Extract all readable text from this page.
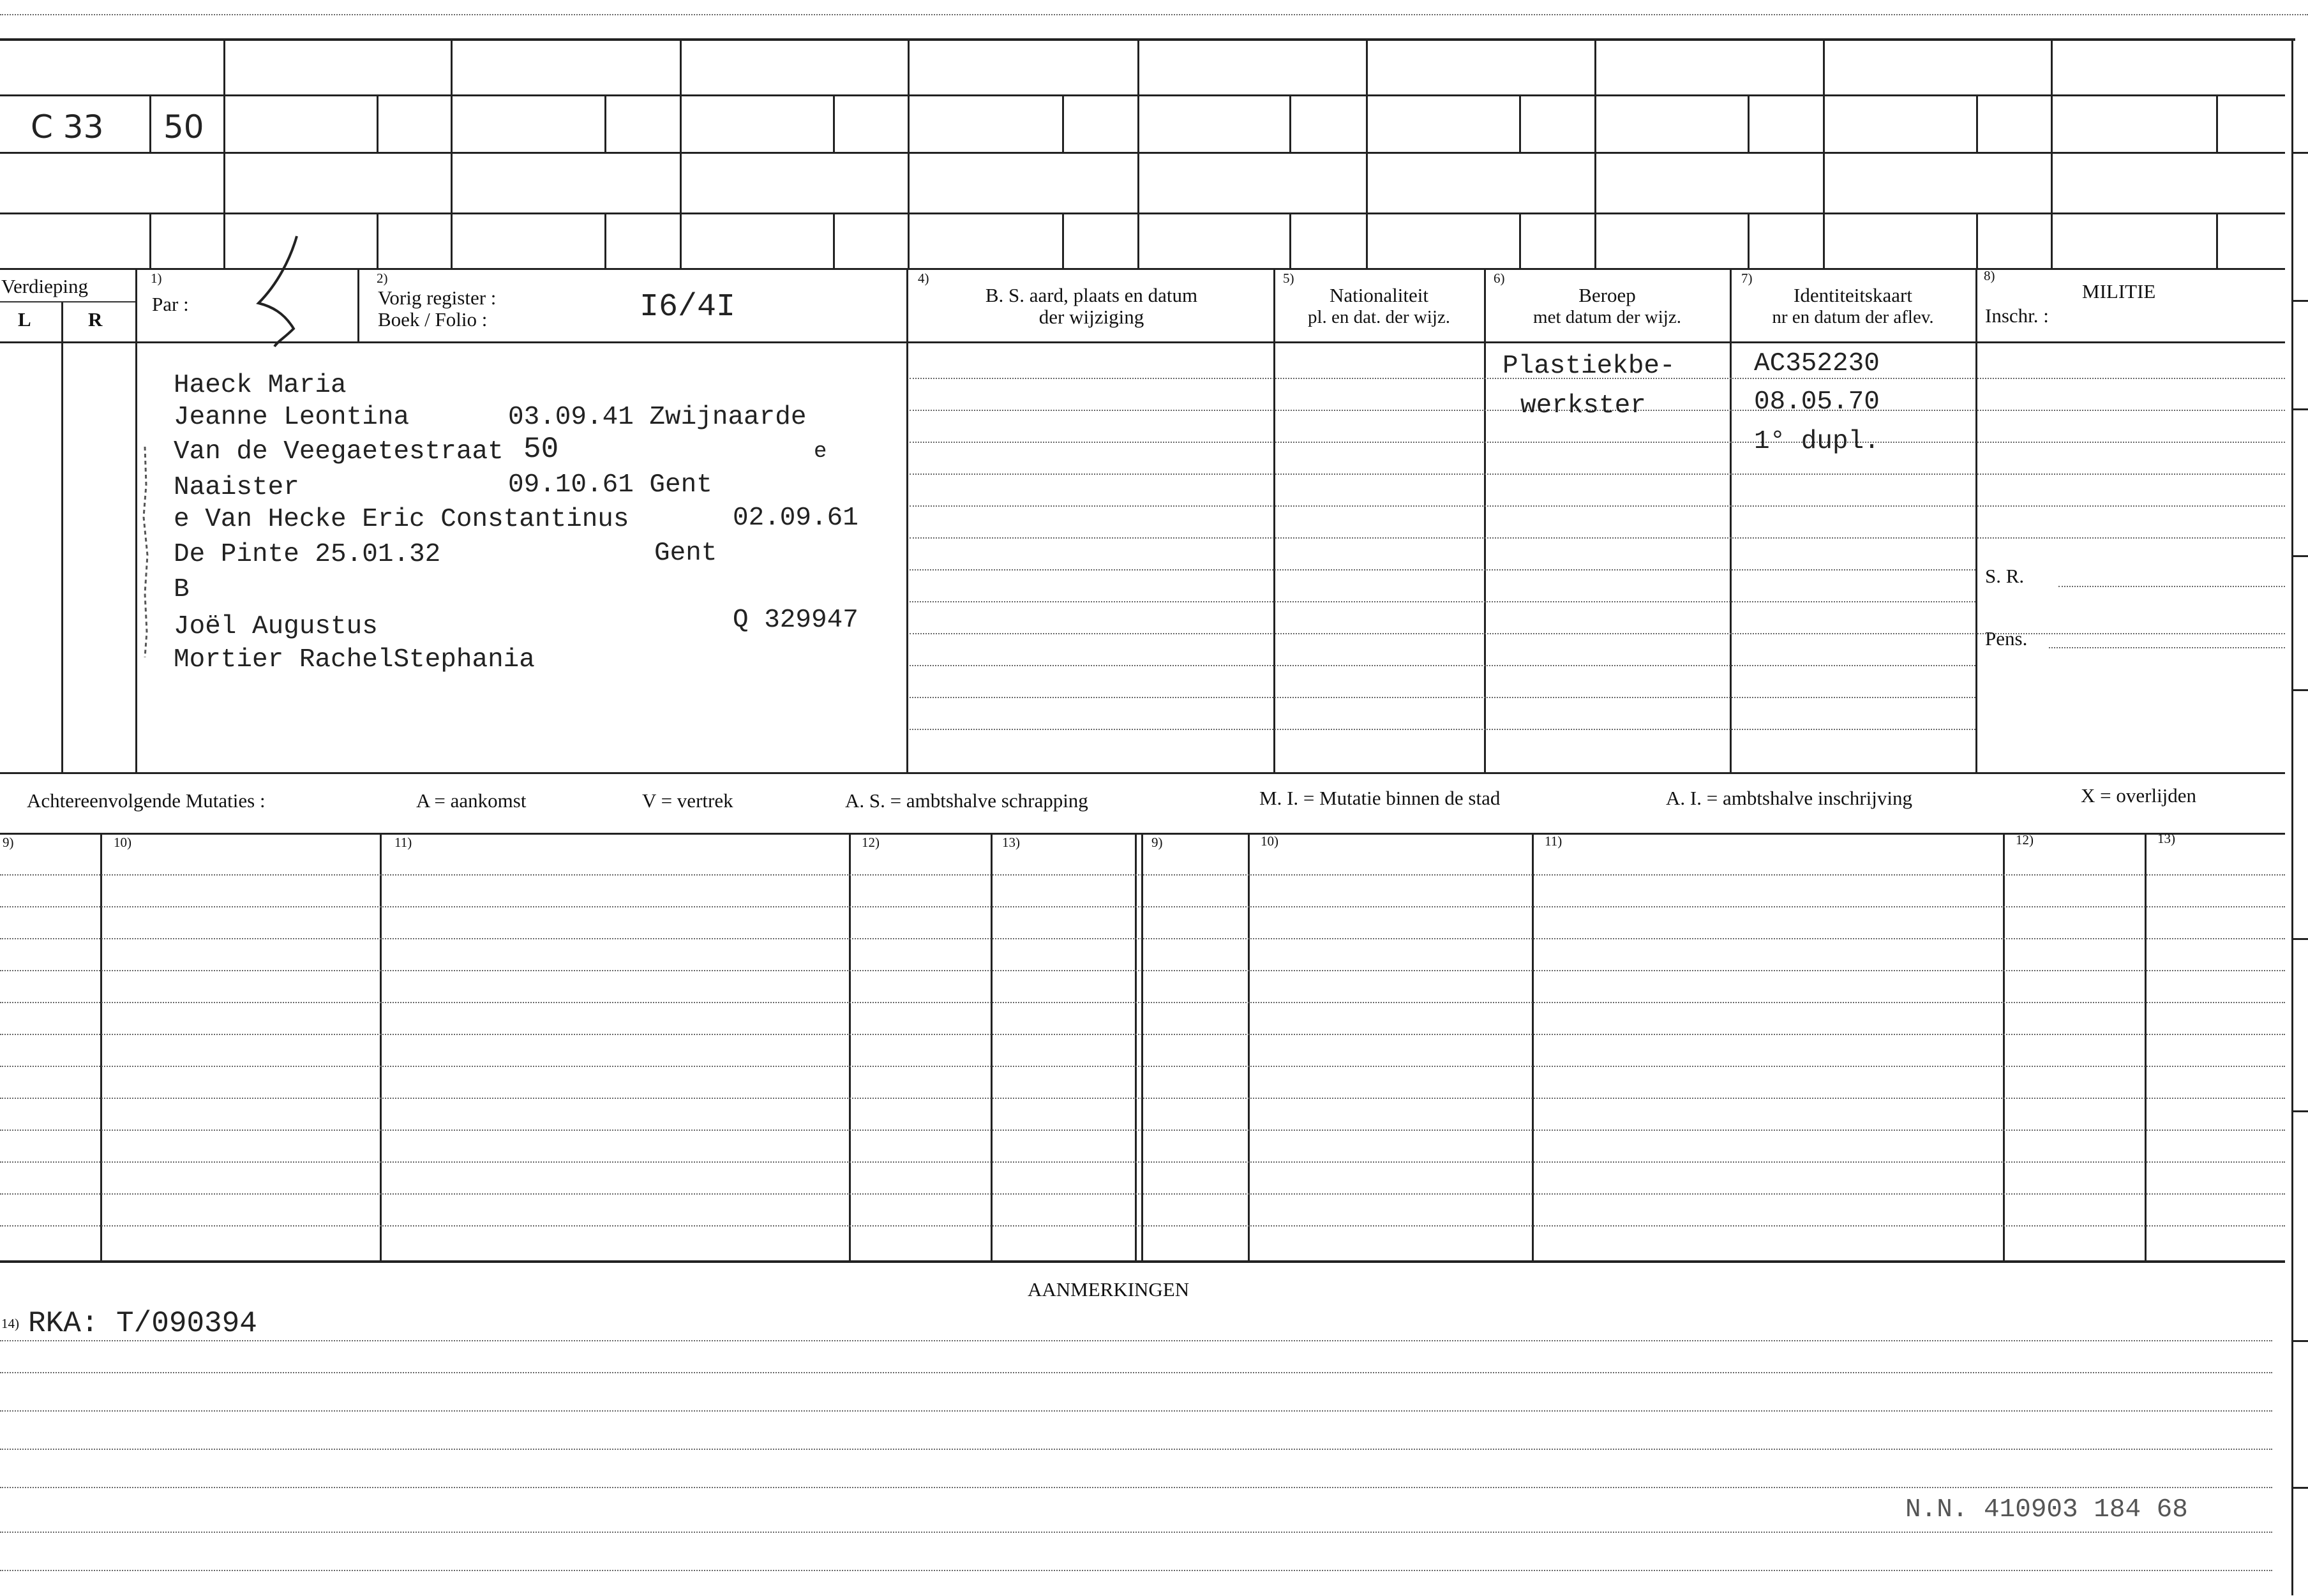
C 33 50
Verdieping
L	R
1)
Par :
2)
Vorig register :
Boek / Folio :	I6/4I
4)
B. S. aard, plaats en datum
der wijziging
5)
Nationaliteit
pl. en dat. der wijz.
6)
Beroep
met datum der wijz.
7)
Identiteitskaart
nr en datum der aflev.
8)
MILITIE
Inschr. :
S. R.
Pens.
Haeck Maria
Jeanne Leontina	03.09.41 Zwijnaarde
Van de Veegaetestraat 50	e
Naaister	09.10.61 Gent
e Van Hecke Eric Constantinus	02.09.61
De Pinte 25.01.32	Gent
B
Joël Augustus	Q 329947
Mortier RachelStephania
Plastiekbe-
werkster
AC352230
08.05.70
1° dupl.
Achtereenvolgende Mutaties :	A = aankomst	V = vertrek	A. S. = ambtshalve schrapping	M. I. = Mutatie binnen de stad	A. I. = ambtshalve inschrijving	X = overlijden
9)	10)	11)	12)	13)	9)	10)	11)	12)	13)
AANMERKINGEN
14) RKA: T/090394
N.N. 410903 184 68
